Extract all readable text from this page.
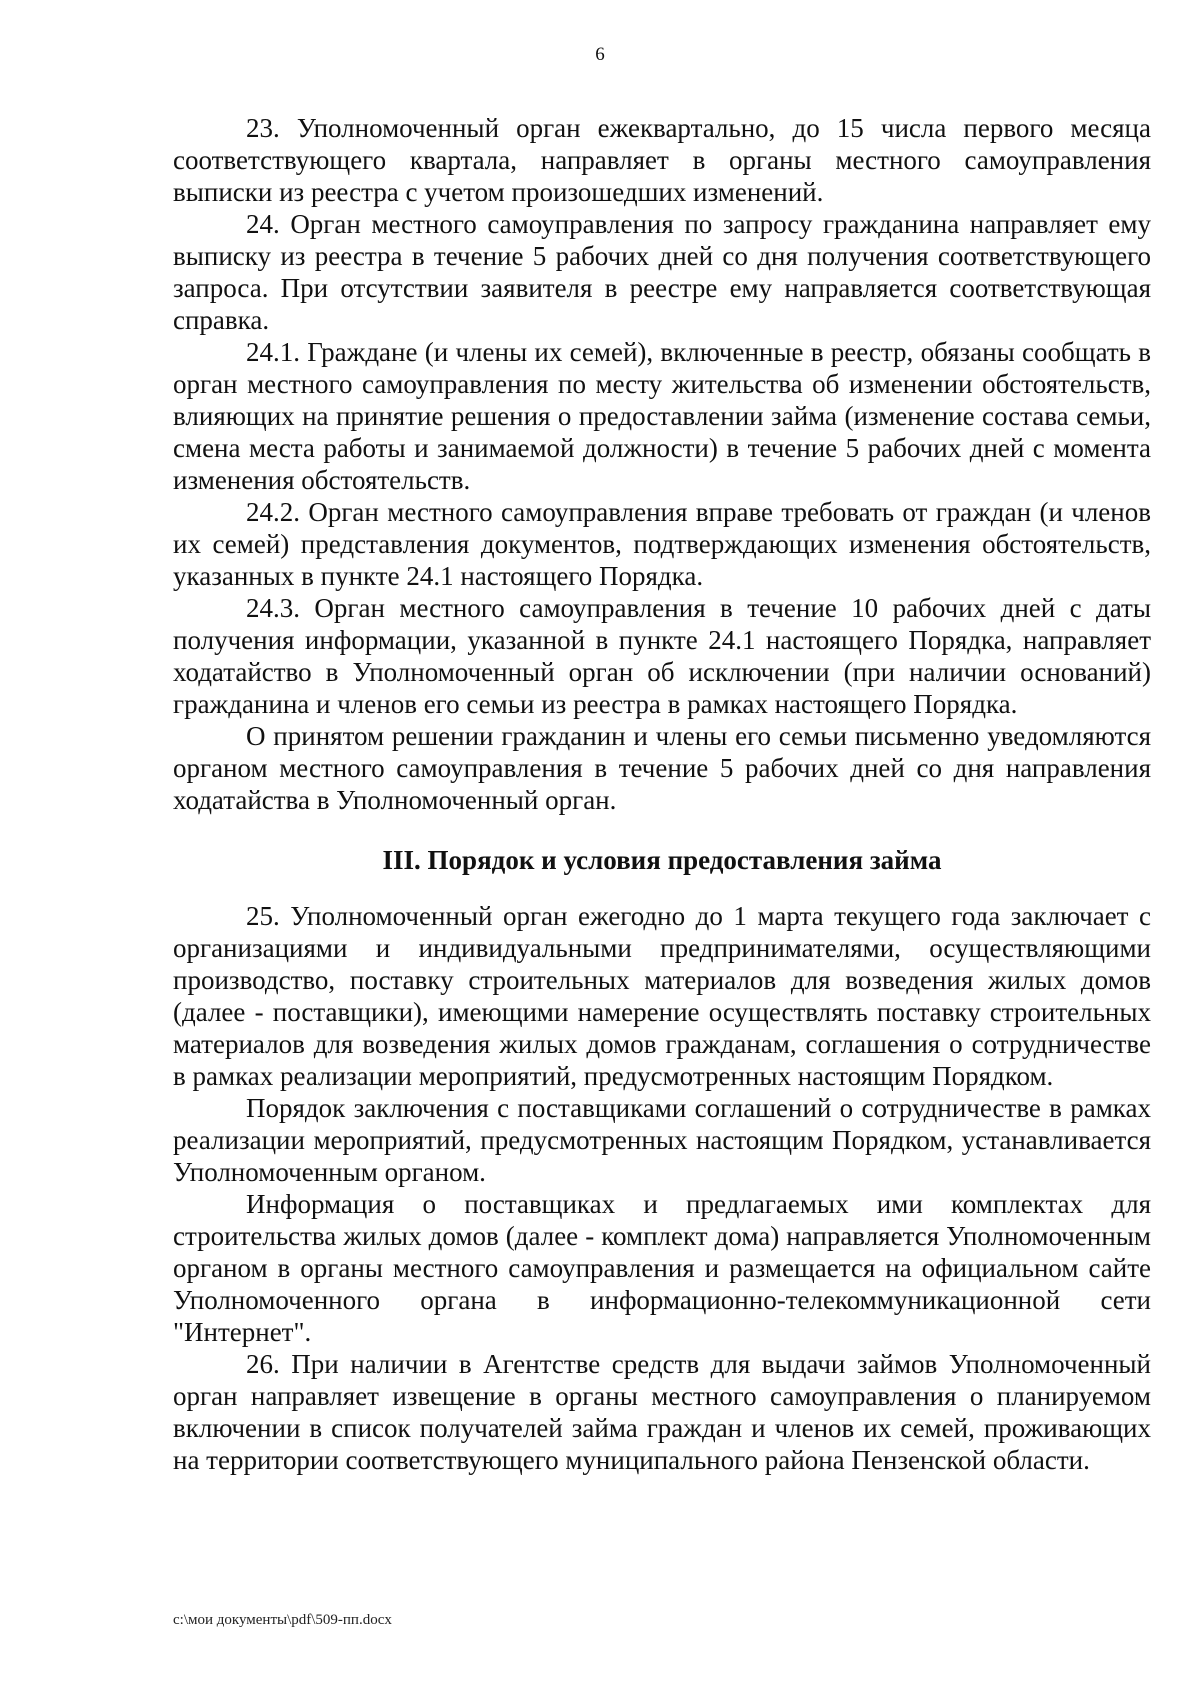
6

23. Уполномоченный орган ежеквартально, до 15 числа первого месяца соответствующего квартала, направляет в органы местного самоуправления выписки из реестра с учетом произошедших изменений.

24. Орган местного самоуправления по запросу гражданина направляет ему выписку из реестра в течение 5 рабочих дней со дня получения соответствующего запроса. При отсутствии заявителя в реестре ему направляется соответствующая справка.

24.1. Граждане (и члены их семей), включенные в реестр, обязаны сообщать в орган местного самоуправления по месту жительства об изменении обстоятельств, влияющих на принятие решения о предоставлении займа (изменение состава семьи, смена места работы и занимаемой должности) в течение 5 рабочих дней с момента изменения обстоятельств.

24.2. Орган местного самоуправления вправе требовать от граждан (и членов их семей) представления документов, подтверждающих изменения обстоятельств, указанных в пункте 24.1 настоящего Порядка.

24.3. Орган местного самоуправления в течение 10 рабочих дней с даты получения информации, указанной в пункте 24.1 настоящего Порядка, направляет ходатайство в Уполномоченный орган об исключении (при наличии оснований) гражданина и членов его семьи из реестра в рамках настоящего Порядка.

О принятом решении гражданин и члены его семьи письменно уведомляются органом местного самоуправления в течение 5 рабочих дней со дня направления ходатайства в Уполномоченный орган.

III. Порядок и условия предоставления займа

25. Уполномоченный орган ежегодно до 1 марта текущего года заключает с организациями и индивидуальными предпринимателями, осуществляющими производство, поставку строительных материалов для возведения жилых домов (далее - поставщики), имеющими намерение осуществлять поставку строительных материалов для возведения жилых домов гражданам, соглашения о сотрудничестве в рамках реализации мероприятий, предусмотренных настоящим Порядком.

Порядок заключения с поставщиками соглашений о сотрудничестве в рамках реализации мероприятий, предусмотренных настоящим Порядком, устанавливается Уполномоченным органом.

Информация о поставщиках и предлагаемых ими комплектах для строительства жилых домов (далее - комплект дома) направляется Уполномоченным органом в органы местного самоуправления и размещается на официальном сайте Уполномоченного органа в информационно-телекоммуникационной сети "Интернет".

26. При наличии в Агентстве средств для выдачи займов Уполномоченный орган направляет извещение в органы местного самоуправления о планируемом включении в список получателей займа граждан и членов их семей, проживающих на территории соответствующего муниципального района Пензенской области.

c:\мои документы\pdf\509-пп.docx
